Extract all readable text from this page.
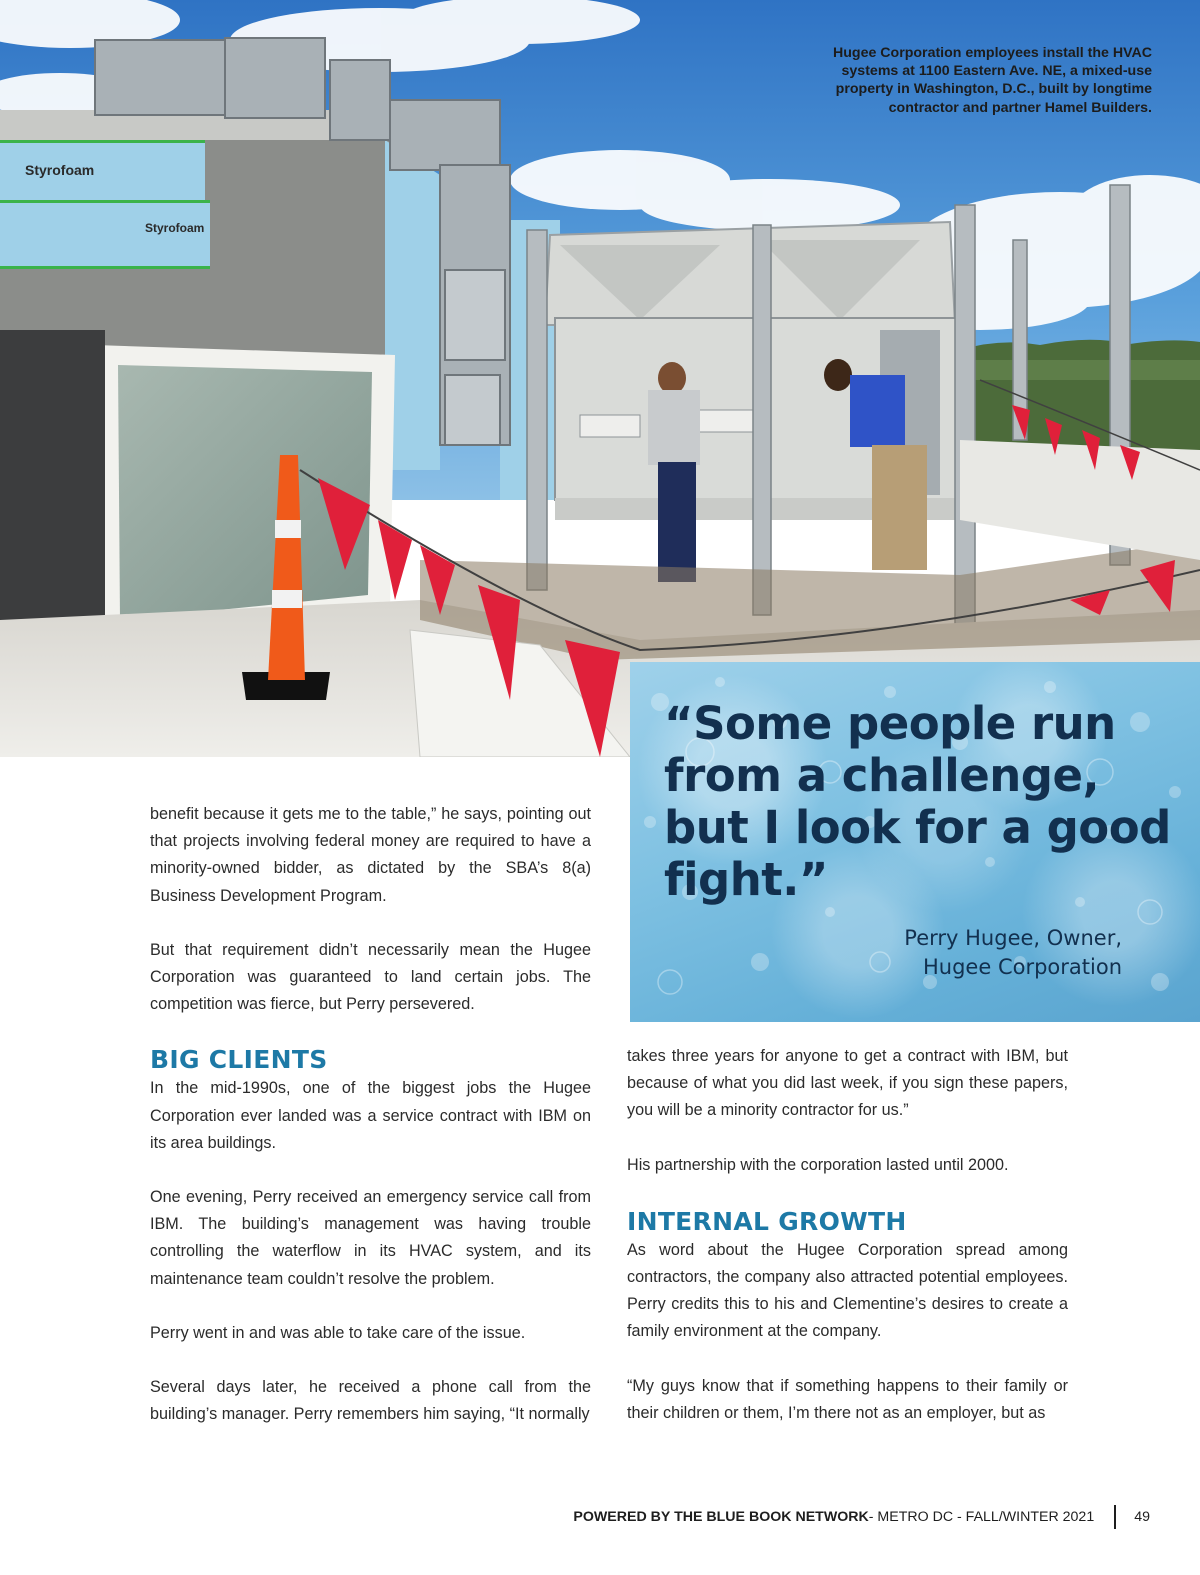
Styrofoam
Styrofoam
Hugee Corporation employees install the HVAC systems at 1100 Eastern Ave. NE, a mixed-use property in Washington, D.C., built by longtime contractor and partner Hamel Builders.

“Some people run from a challenge, but I look for a good fight.”

Perry Hugee, Owner,
Hugee Corporation

benefit because it gets me to the table,” he says, pointing out that projects involving federal money are required to have a minority-owned bidder, as dictated by the SBA’s 8(a) Business Development Program.

But that requirement didn’t necessarily mean the Hugee Corporation was guaranteed to land certain jobs. The competition was fierce, but Perry persevered.

BIG CLIENTS

In the mid-1990s, one of the biggest jobs the Hugee Corporation ever landed was a service contract with IBM on its area buildings.

One evening, Perry received an emergency service call from IBM. The building’s management was having trouble controlling the waterflow in its HVAC system, and its maintenance team couldn’t resolve the problem.

Perry went in and was able to take care of the issue.

Several days later, he received a phone call from the building’s manager. Perry remembers him saying, “It normally

takes three years for anyone to get a contract with IBM, but because of what you did last week, if you sign these papers, you will be a minority contractor for us.”

His partnership with the corporation lasted until 2000.

INTERNAL GROWTH

As word about the Hugee Corporation spread among contractors, the company also attracted potential employees. Perry credits this to his and Clementine’s desires to create a family environment at the company.

“My guys know that if something happens to their family or their children or them, I’m there not as an employer, but as

POWERED BY THE BLUE BOOK NETWORK - METRO DC - FALL/WINTER 2021	49
